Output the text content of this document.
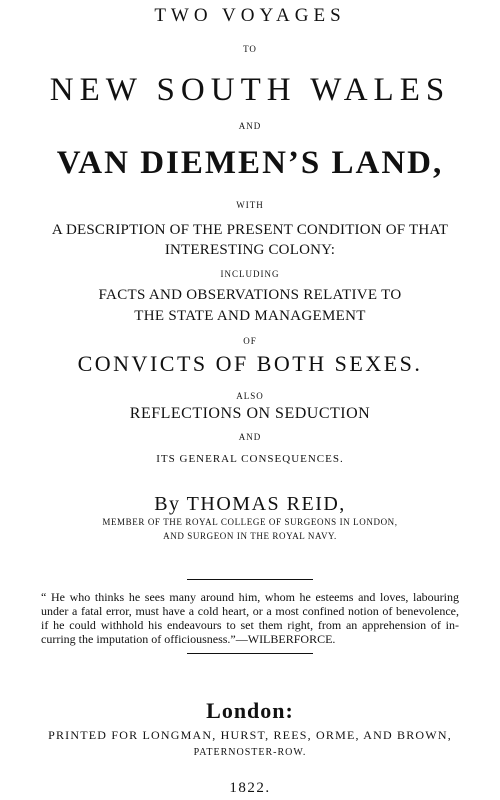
TWO VOYAGES
TO
NEW SOUTH WALES
AND
VAN DIEMEN’S LAND,
WITH
A DESCRIPTION OF THE PRESENT CONDITION OF THAT
INTERESTING COLONY:
INCLUDING
FACTS AND OBSERVATIONS RELATIVE TO
THE STATE AND MANAGEMENT
OF
CONVICTS OF BOTH SEXES.
ALSO
REFLECTIONS ON SEDUCTION
AND
ITS GENERAL CONSEQUENCES.
By THOMAS REID,
MEMBER OF THE ROYAL COLLEGE OF SURGEONS IN LONDON,
AND SURGEON IN THE ROYAL NAVY.
“ He who thinks he sees many around him, whom he esteems and loves, labouring
under a fatal error, must have a cold heart, or a most confined notion of benevolence,
if he could withhold his endeavours to set them right, from an apprehension of in-
curring the imputation of officiousness.”—WILBERFORCE.
London:
PRINTED FOR LONGMAN, HURST, REES, ORME, AND BROWN,
PATERNOSTER-ROW.
1822.
